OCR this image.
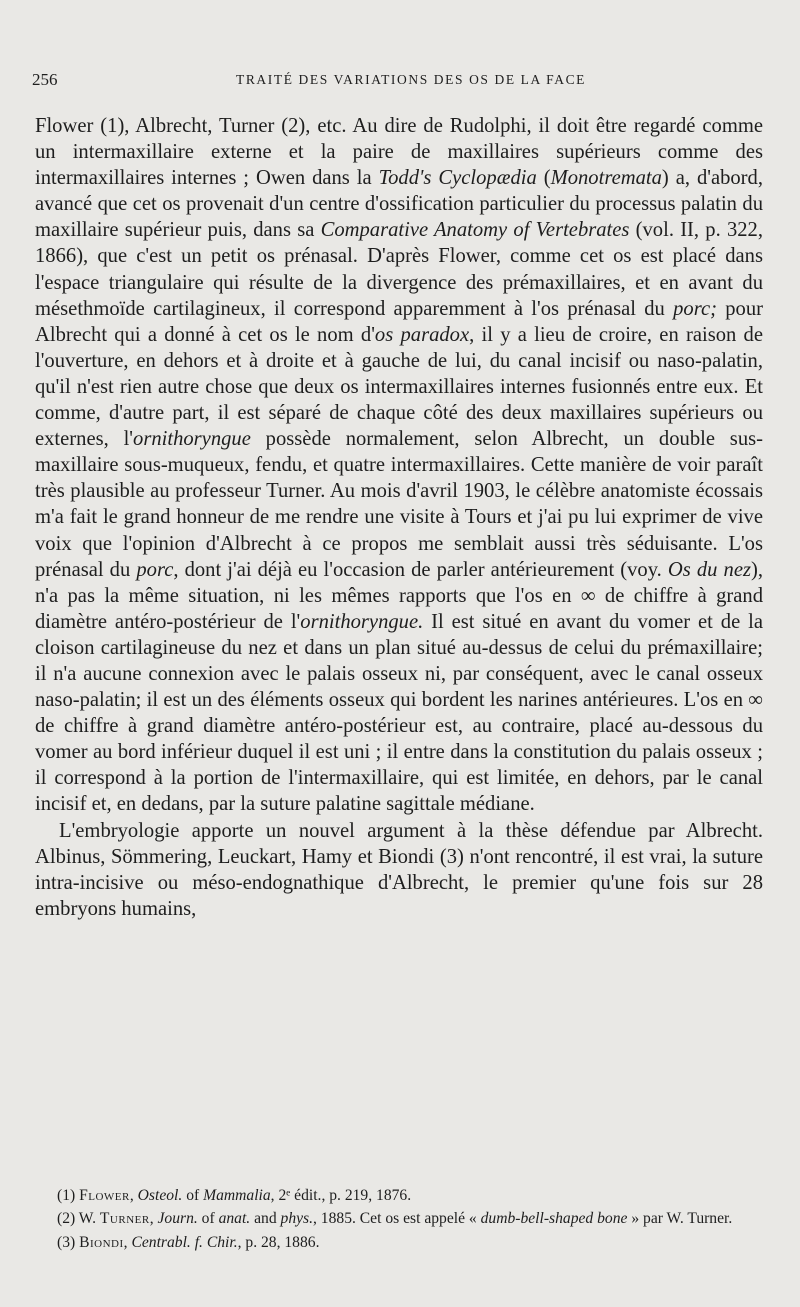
256	TRAITÉ DES VARIATIONS DES OS DE LA FACE

Flower (1), Albrecht, Turner (2), etc. Au dire de Rudolphi, il doit être regardé comme un intermaxillaire externe et la paire de maxillaires supérieurs comme des intermaxillaires internes ; Owen dans la Todd's Cyclopædia (Monotremata) a, d'abord, avancé que cet os provenait d'un centre d'ossification particulier du processus palatin du maxillaire supérieur puis, dans sa Comparative Anatomy of Vertebrates (vol. II, p. 322, 1866), que c'est un petit os prénasal. D'après Flower, comme cet os est placé dans l'espace triangulaire qui résulte de la divergence des prémaxillaires, et en avant du mésethmoïde cartilagineux, il correspond apparemment à l'os prénasal du porc; pour Albrecht qui a donné à cet os le nom d'os paradox, il y a lieu de croire, en raison de l'ouverture, en dehors et à droite et à gauche de lui, du canal incisif ou naso-palatin, qu'il n'est rien autre chose que deux os intermaxillaires internes fusionnés entre eux. Et comme, d'autre part, il est séparé de chaque côté des deux maxillaires supérieurs ou externes, l'ornithoryngue possède normalement, selon Albrecht, un double sus-maxillaire sous-muqueux, fendu, et quatre intermaxillaires. Cette manière de voir paraît très plausible au professeur Turner. Au mois d'avril 1903, le célèbre anatomiste écossais m'a fait le grand honneur de me rendre une visite à Tours et j'ai pu lui exprimer de vive voix que l'opinion d'Albrecht à ce propos me semblait aussi très séduisante. L'os prénasal du porc, dont j'ai déjà eu l'occasion de parler antérieurement (voy. Os du nez), n'a pas la même situation, ni les mêmes rapports que l'os en ∞ de chiffre à grand diamètre antéro-postérieur de l'ornithoryngue. Il est situé en avant du vomer et de la cloison cartilagineuse du nez et dans un plan situé au-dessus de celui du prémaxillaire; il n'a aucune connexion avec le palais osseux ni, par conséquent, avec le canal osseux naso-palatin; il est un des éléments osseux qui bordent les narines antérieures. L'os en ∞ de chiffre à grand diamètre antéro-postérieur est, au contraire, placé au-dessous du vomer au bord inférieur duquel il est uni ; il entre dans la constitution du palais osseux ; il correspond à la portion de l'intermaxillaire, qui est limitée, en dehors, par le canal incisif et, en dedans, par la suture palatine sagittale médiane.

L'embryologie apporte un nouvel argument à la thèse défendue par Albrecht. Albinus, Sömmering, Leuckart, Hamy et Biondi (3) n'ont rencontré, il est vrai, la suture intra-incisive ou méso-endognathique d'Albrecht, le premier qu'une fois sur 28 embryons humains,

(1) Flower, Osteol. of Mammalia, 2ᵉ édit., p. 219, 1876.

(2) W. Turner, Journ. of anat. and phys., 1885. Cet os est appelé « dumb-bell-shaped bone » par W. Turner.

(3) Biondi, Centrabl. f. Chir., p. 28, 1886.
